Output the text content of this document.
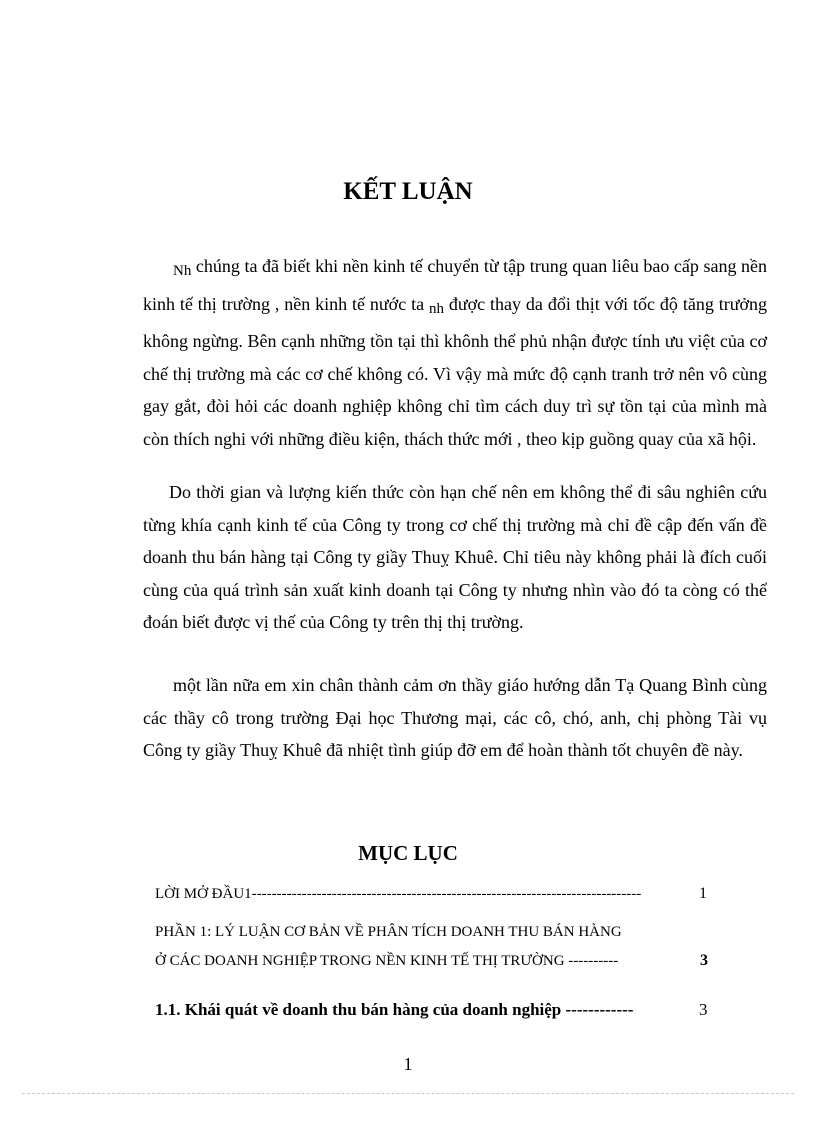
KẾT LUẬN

$_{Nh}$ chúng ta đã biết khi nền kinh tế chuyển từ tập trung quan liêu bao cấp sang nền kinh tế thị trường , nền kinh tế nước ta $_{nh}$ được thay da đổi thịt với tốc độ tăng trưởng không ngừng. Bên cạnh những tồn tại thì khônh thể phủ nhận được tính ưu việt của cơ chế thị trường mà các cơ chế không có. Vì vậy mà mức độ cạnh tranh trở nên vô cùng gay gắt, đòi hỏi các doanh nghiệp không chỉ tìm cách duy trì sự tồn tại của mình mà còn thích nghi với những điều kiện, thách thức mới , theo kịp guồng quay của xã hội.

Do thời gian và lượng kiến thức còn hạn chế nên em không thể đi sâu nghiên cứu từng khía cạnh kinh tế của Công ty trong cơ chế thị trường mà chỉ đề cập đến vấn đề doanh thu bán hàng tại Công ty giầy Thuỵ Khuê. Chỉ tiêu này không phải là đích cuối cùng của quá trình sản xuất kinh doanh tại Công ty nhưng nhìn vào đó ta còng có thể đoán biết được vị thế của Công ty trên thị thị trường.

một lần nữa em xin chân thành cảm ơn thầy giáo hướng dẫn Tạ Quang Bình cùng các thầy cô trong trường Đại học Thương mại, các cô, chó, anh, chị phòng Tài vụ Công ty giầy Thuỵ Khuê đã nhiệt tình giúp đỡ em để hoàn thành tốt chuyên đề này.

MỤC LỤC
LỜI MỞ ĐẦU1------------------------------------------------------------------------------	1
PHẦN 1: LÝ LUẬN CƠ BẢN VỀ PHÂN TÍCH DOANH THU BÁN HÀNG
Ở CÁC DOANH NGHIỆP TRONG NỀN KINH TẾ THỊ TRƯỜNG ----------	3
1.1. Khái quát về doanh thu bán hàng của doanh nghiệp ------------	3
1
